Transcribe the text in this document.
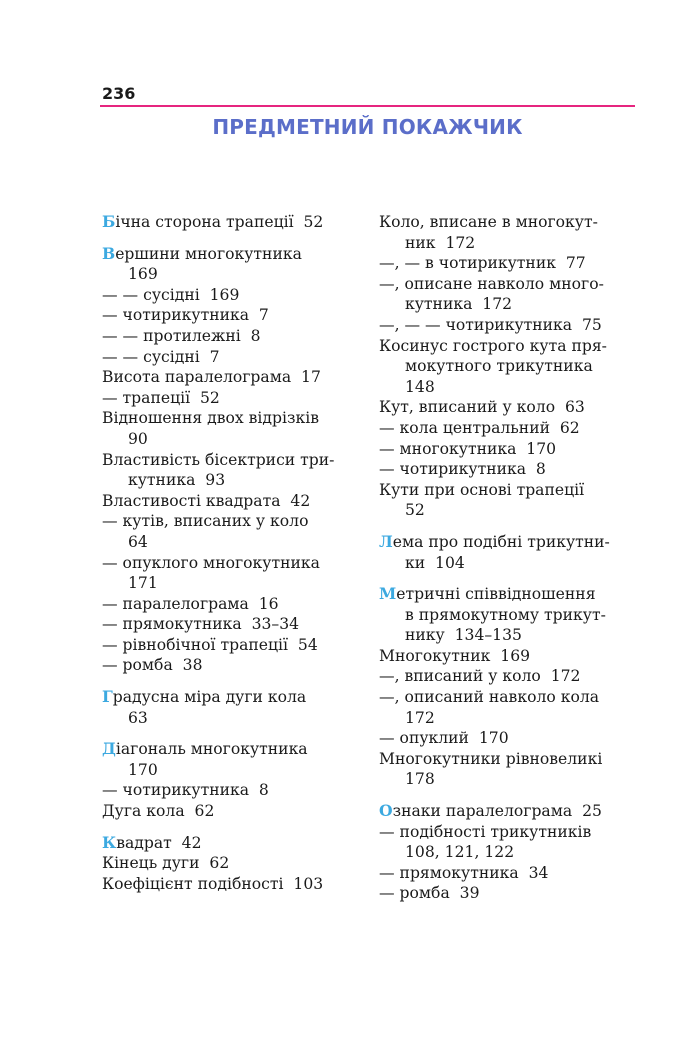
236
ПРЕДМЕТНИЙ ПОКАЖЧИК
Бічна сторона трапеції  52
Вершини многокутника
169
— — сусідні  169
— чотирикутника  7
— — протилежні  8
— — сусідні  7
Висота паралелограма  17
— трапеції  52
Відношення двох відрізків
90
Властивість бісектриси три-
кутника  93
Властивості квадрата  42
— кутів, вписаних у коло
64
— опуклого многокутника
171
— паралелограма  16
— прямокутника  33–34
— рівнобічної трапеції  54
— ромба  38
Градусна міра дуги кола
63
Діагональ многокутника
170
— чотирикутника  8
Дуга кола  62
Квадрат  42
Кінець дуги  62
Коефіцієнт подібності  103
Коло, вписане в многокут-
ник  172
—, — в чотирикутник  77
—, описане навколо много-
кутника  172
—, — — чотирикутника  75
Косинус гострого кута пря-
мокутного трикутника
148
Кут, вписаний у коло  63
— кола центральний  62
— многокутника  170
— чотирикутника  8
Кути при основі трапеції
52
Лема про подібні трикутни-
ки  104
Метричні співвідношення
в прямокутному трикут-
нику  134–135
Многокутник  169
—, вписаний у коло  172
—, описаний навколо кола
172
— опуклий  170
Многокутники рівновеликі
178
Ознаки паралелограма  25
— подібності трикутників
108, 121, 122
— прямокутника  34
— ромба  39
